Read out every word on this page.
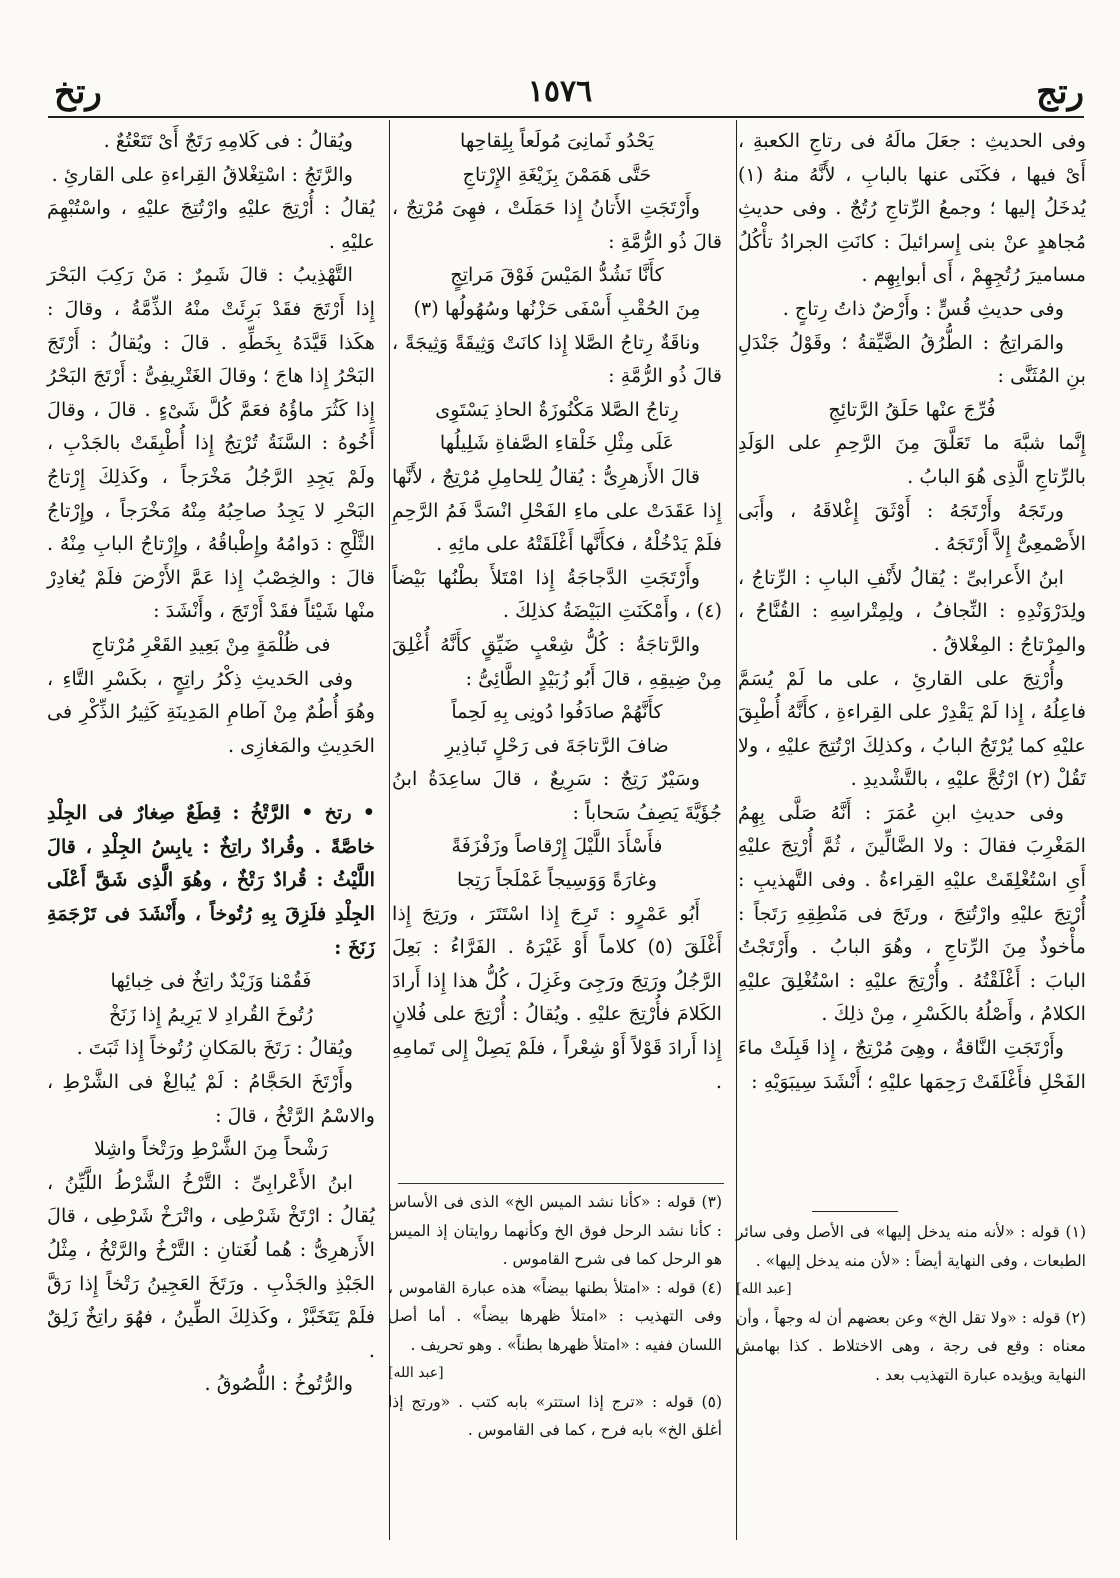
رتج
١٥٧٦
رتخ

وفى الحديثِ : جعَلَ مالَهُ فى رتاجِ الكعبةِ ، أَىْ فيها ، فكَنَى عنها بالبابِ ، لأَنَّهُ منهُ (١) يُدخَلُ إليها ؛ وجمعُ الرِّتاجِ رُتُجٌ . وفى حديثِ مُجاهدٍ عنْ بنى إِسرائيلَ : كانَتِ الجرادُ تأْكُلُ مساميرَ رُتُجِهِمْ ، أَى أبوابِهِم .

وفى حديثِ قُسٍّ : وأَرْضٌ ذاتُ رِتاجٍ .

والمَراتِجُ : الطُّرُقُ الضَّيِّقةُ ؛ وقَوْلُ جَنْدَلِ بنِ المُثَنَّى :

فُرِّجَ عنْها حَلَقُ الرَّتائِجِ

إِنَّما شبَّهَ ما تَعَلَّقَ مِنَ الرَّحِمِ على الوَلَدِ بالرِّتاجِ الَّذِى هُوَ البابُ .

ورتَجَهُ وأَرْتَجَهُ : أَوْثَقَ إِغْلاقَهُ ، وأَبَى الأَصْمعِىُّ إِلاَّ أَرْتَجَهُ .

ابنُ الأَعرابىِّ : يُقالُ لأَنْفِ البابِ : الرِّتاجُ ، ولِدَرْوَنْدِهِ : النِّجافُ ، ولِمِتْراسِهِ : القُنَّاحُ ، والمِرْتاجُ : المِغْلاقُ .

وأُرْتِجَ على القارئِ ، على ما لَمْ يُسَمَّ فاعِلُهُ ، إِذا لَمْ يَقْدِرْ على القِراءةِ ، كأَنَّهُ أُطْبِقَ عليْهِ كما يُرْتَجُ البابُ ، وكذلِكَ ارْتُتِجَ عليْهِ ، ولا تَقُلْ (٢) ارْتُجَّ عليْهِ ، بالتَّشْديدِ .

وفى حديثِ ابنِ عُمَرَ : أَنَّهُ صَلَّى بِهِمُ المَغْرِبَ فقالَ : ولا الضَّالِّينَ ، ثُمَّ أُرْتِجَ عليْهِ أَىِ اسْتُغْلِقَتْ عليْهِ القِراءةُ . وفى التَّهذيبِ : أُرْتِجَ عليْهِ وارْتُتِجَ ، ورتَجَ فى مَنْطِقِهِ رَتَجاً : مأْخوذٌ مِنَ الرِّتاجِ ، وهُوَ البابُ . وأَرْتَجْتُ البابَ : أَغْلَقْتُهُ . وأُرْتِجَ عليْهِ : اسْتُغْلِقَ عليْهِ الكلامُ ، وأَصْلُهُ بالكَسْرِ ، مِنْ ذلِكَ .

وأَرْتَجَتِ النَّاقةُ ، وهِىَ مُرْتِجٌ ، إِذا قَبِلَتْ ماءَ الفَحْلِ فأَغْلَقَتْ رَحِمَها عليْهِ ؛ أَنْشَدَ سِيبَوَيْهِ :

يَحْدُو ثَمانِىَ مُولَعاً بِلِقاحِها

حَتَّى هَمَمْنَ بِزَيْغَةِ الإِرْتاجِ

وأَرْتَجَتِ الأَتانُ إِذا حَمَلَتْ ، فهِىَ مُرْتِجٌ ، قالَ ذُو الرُّمَّةِ :

كأَنَّا نَشُدُّ المَيْسَ فَوْقَ مَراتِجٍ

مِنَ الحُقْبِ أَسْفَى حَزْنُها وسُهُولُها (٣)

وناقَةٌ رِتاجُ الصَّلا إِذا كانَتْ وَثِيقَةً وَثِيجَةً ، قالَ ذُو الرُّمَّةِ :

رِتاجُ الصَّلا مَكْنُوزَةُ الحاذِ يَسْتَوِى

عَلَى مِثْلِ خَلْقاءِ الصَّفاةِ شَلِيلُها

قالَ الأَزهرِىُّ : يُقالُ لِلحامِلِ مُرْتِجٌ ، لأَنَّها إِذا عَقَدَتْ على ماءِ الفَحْلِ انْسَدَّ فَمُ الرَّحِمِ فلَمْ يَدْخُلْهُ ، فكأَنَّها أَغْلَقَتْهُ على مائِهِ .

وأَرْتَجَتِ الدَّجاجَةُ إِذا امْتَلأَ بطْنُها بَيْضاً (٤) ، وأَمْكَنَتِ البَيْضَةُ كذلِكَ .

والرَّتاجَةُ : كُلُّ شِعْبٍ ضَيِّقٍ كأَنَّهُ أُغْلِقَ مِنْ ضِيقِهِ ، قالَ أَبُو زُبَيْدٍ الطَّائِىُّ :

كأَنَّهُمْ صادَفُوا دُونِى بِهِ لَحِماً

ضافَ الرَّتاجَةَ فى رَحْلٍ تَباذِيرِ

وسَيْرٌ رَتِجٌ : سَرِيعٌ ، قالَ ساعِدَةُ ابنُ جُؤَيَّةَ يَصِفُ سَحاباً :

فأَسْأَدَ اللَّيْلَ إِرْقاصاً وزَفْزَفَةً

وغارَةً وَوَسِيجاً غَمْلَجاً رَتِجا

أَبُو عَمْرٍو : تَرِجَ إِذا اسْتَتَرَ ، ورَتِجَ إِذا أَغْلَقَ (٥) كلاماً أَوْ غَيْرَهُ . الفَرَّاءُ : بَعِلَ الرَّجُلُ ورَتِجَ ورَجِىَ وغَزِلَ ، كُلُّ هذا إِذا أَرادَ الكَلامَ فأُرْتِجَ عليْهِ . ويُقالُ : أُرْتِجَ على فُلانٍ إِذا أَرادَ قَوْلاً أَوْ شِعْراً ، فلَمْ يَصِلْ إِلى تَمامِهِ .

ويُقالُ : فى كَلامِهِ رَتَجٌ أَىْ تَتَعْتُعٌ .

والرَّتَجُ : اسْتِغْلاقُ القِراءةِ على القارئِ .

يُقالُ : أُرْتِجَ عليْهِ وارْتُتِجَ عليْهِ ، واسْتُبْهِمَ عليْهِ .

التَّهْذِيبُ : قالَ شَمِرٌ : مَنْ رَكِبَ البَحْرَ إِذا أَرْتَجَ فقَدْ بَرِئَتْ منْهُ الذِّمَّةُ ، وقالَ : هكَذا قَيَّدَهُ بِخَطِّهِ . قالَ : ويُقالُ : أَرْتَجَ البَحْرُ إِذا هاجَ ؛ وقالَ الغَتْرِيفِىُّ : أَرْتَجَ البَحْرُ إِذا كَثُرَ ماؤُهُ فعَمَّ كُلَّ شَىْءٍ . قالَ ، وقالَ أَخُوهُ : السَّنَةُ تُرْتِجُ إِذا أُطْبِقَتْ بالجَدْبِ ، ولَمْ يَجِدِ الرَّجُلُ مَخْرَجاً ، وكَذلِكَ إِرْتاجُ البَحْرِ لا يَجِدُ صاحِبُهُ مِنْهُ مَخْرَجاً ، وإِرْتاجُ الثَّلْجِ : دَوامُهُ وإِطْباقُهُ ، وإِرْتاجُ البابِ مِنْهُ . قالَ : والخِصْبُ إِذا عَمَّ الأَرْضَ فلَمْ يُغادِرْ منْها شَيْئاً فقَدْ أَرْتَجَ ، وأَنْشَدَ :

فى ظُلْمَةٍ مِنْ بَعِيدِ القَعْرِ مُرْتاجِ

وفى الحَديثِ ذِكْرُ راتِجٍ ، بكَسْرِ التَّاءِ ، وهُوَ أُطُمٌ مِنْ آطامِ المَدِينَةِ كَثِيرُ الذِّكْرِ فى الحَدِيثِ والمَغازِى .

• رتخ • الرَّتْخُ : قِطَعٌ صِغارٌ فى الجِلْدِ خاصَّةً . وقُرادٌ راتِخٌ : يابِسُ الجِلْدِ ، قالَ اللَّيْثُ : قُرادٌ رَتْخٌ ، وهُوَ الَّذِى شَقَّ أَعْلَى الجِلْدِ فلَزِقَ بِهِ رُتُوخاً ، وأَنْشَدَ فى تَرْجَمَةِ زَنَخَ :

فَقُمْنا وَزَيْدٌ راتِخٌ فى خِبائِها

رُتُوخَ القُرادِ لا يَرِيمُ إِذا زَنَخْ

ويُقالُ : رَتَخَ بالمَكانِ رُتُوخاً إِذا ثَبَتَ .

وأَرْتَخَ الحَجَّامُ : لَمْ يُبالِغْ فى الشَّرْطِ ، والاسْمُ الرَّتْخُ ، قالَ :

رَشْحاً مِنَ الشَّرْطِ ورَتْخاً واشِلا

ابنُ الأَعْرابِىِّ : التَّرْخُ الشَّرْطُ اللَّيِّنُ ، يُقالُ : ارْتَخْ شَرْطِى ، واتْرَخْ شَرْطِى ، قالَ الأَزهرِىُّ : هُما لُغَتانِ : التَّرْخُ والرَّتْخُ ، مِثْلُ الجَبْذِ والجَذْبِ . ورَتَخَ العَجِينُ رَتْخاً إِذا رَقَّ فلَمْ يَتَخَبَّزْ ، وكَذلِكَ الطِّينُ ، فهُوَ راتِخٌ زَلِقٌ .

والرُّتُوخُ : اللُّصُوقُ .

(١) قوله : «لأنه منه يدخل إليها» فى الأصل وفى سائر الطبعات ، وفى النهاية أيضاً : «لأن منه يدخل إليها» .

[عبد الله]

(٢) قوله : «ولا تقل الخ» وعن بعضهم أن له وجهاً ، وأن معناه : وقع فى رجة ، وهى الاختلاط . كذا بهامش النهاية ويؤيده عبارة التهذيب بعد .

(٣) قوله : «كأنا نشد الميس الخ» الذى فى الأساس : كأنا نشد الرحل فوق الخ وكأنهما روايتان إذ الميس هو الرحل كما فى شرح القاموس .

(٤) قوله : «امتلأ بطنها بيضاً» هذه عبارة القاموس ، وفى التهذيب : «امتلأ ظهرها بيضاً» . أما أصل اللسان ففيه : «امتلأ ظهرها بطناً» . وهو تحريف .

[عبد الله]

(٥) قوله : «ترج إذا استتر» بابه كتب . «ورتج إذا أغلق الخ» بابه فرح ، كما فى القاموس .
